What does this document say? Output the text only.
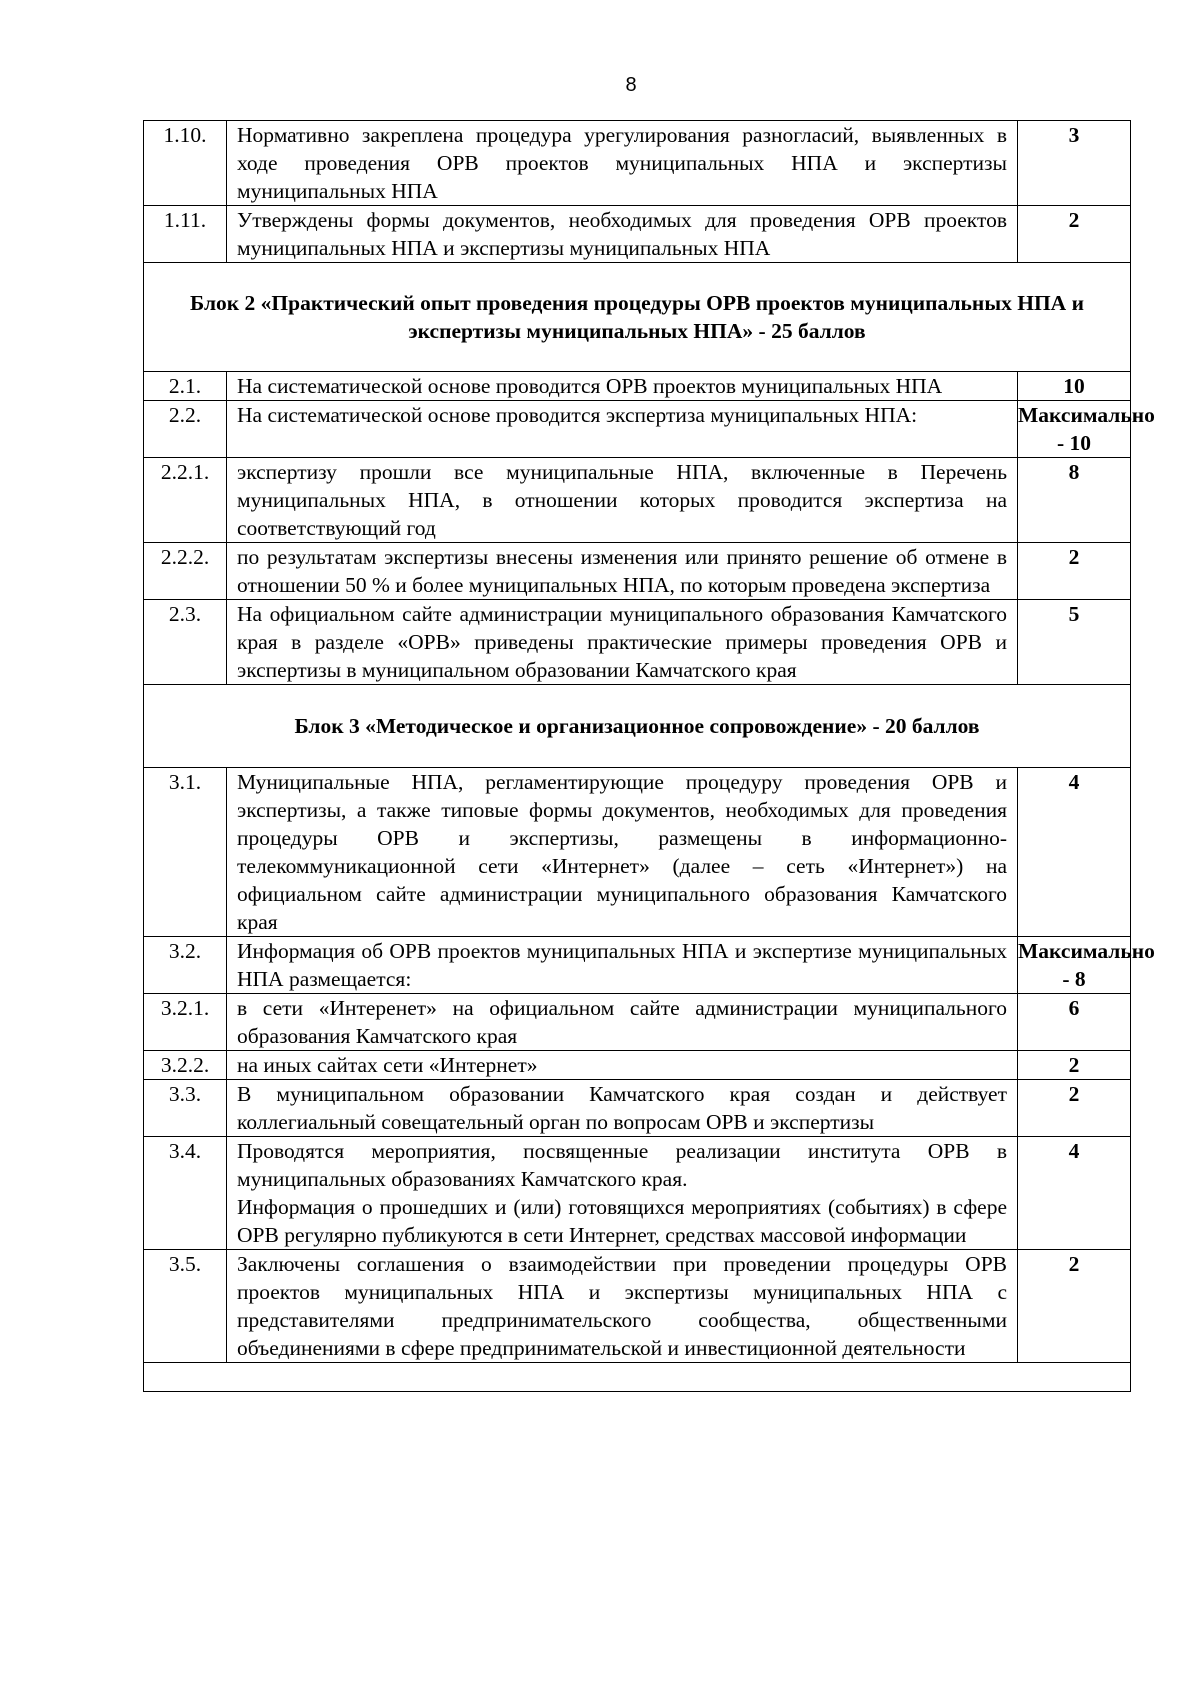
8
1.10.	Нормативно закреплена процедура урегулирования разногласий, выявленных в ходе проведения ОРВ проектов муниципальных НПА и экспертизы муниципальных НПА	3
1.11.	Утверждены формы документов, необходимых для проведения ОРВ проектов муниципальных НПА и экспертизы муниципальных НПА	2
Блок 2 «Практический опыт проведения процедуры ОРВ проектов муниципальных НПА и экспертизы муниципальных НПА» - 25 баллов		
2.1.	На систематической основе проводится ОРВ проектов муниципальных НПА	10
2.2.	На систематической основе проводится экспертиза муниципальных НПА:	Максимально - 10
2.2.1.	экспертизу прошли все муниципальные НПА, включенные в Перечень муниципальных НПА, в отношении которых проводится экспертиза на соответствующий год	8
2.2.2.	по результатам экспертизы внесены изменения или принято решение об отмене в отношении 50 % и более муниципальных НПА, по которым проведена экспертиза	2
2.3.	На официальном сайте администрации муниципального образования Камчатского края в разделе «ОРВ» приведены практические примеры проведения ОРВ и экспертизы в муниципальном образовании Камчатского края	5
Блок 3 «Методическое и организационное сопровождение» - 20 баллов		
3.1.	Муниципальные НПА, регламентирующие процедуру проведения ОРВ и экспертизы, а также типовые формы документов, необходимых для проведения процедуры ОРВ и экспертизы, размещены в информационно-телекоммуникационной сети «Интернет» (далее – сеть «Интернет») на официальном сайте администрации муниципального образования Камчатского края	4
3.2.	Информация об ОРВ проектов муниципальных НПА и экспертизе муниципальных НПА размещается:	Максимально - 8
3.2.1.	в сети «Интеренет» на официальном сайте администрации муниципального образования Камчатского края	6
3.2.2.	на иных сайтах сети «Интернет»	2
3.3.	В муниципальном образовании Камчатского края создан и действует коллегиальный совещательный орган по вопросам ОРВ и экспертизы	2
3.4.	Проводятся мероприятия, посвященные реализации института ОРВ в муниципальных образованиях Камчатского края.
Информация о прошедших и (или) готовящихся мероприятиях (событиях) в сфере ОРВ регулярно публикуются в сети Интернет, средствах массовой информации	4
3.5.	Заключены соглашения о взаимодействии при проведении процедуры ОРВ проектов муниципальных НПА и экспертизы муниципальных НПА с представителями предпринимательского сообщества, общественными объединениями в сфере предпринимательской и инвестиционной деятельности	2
